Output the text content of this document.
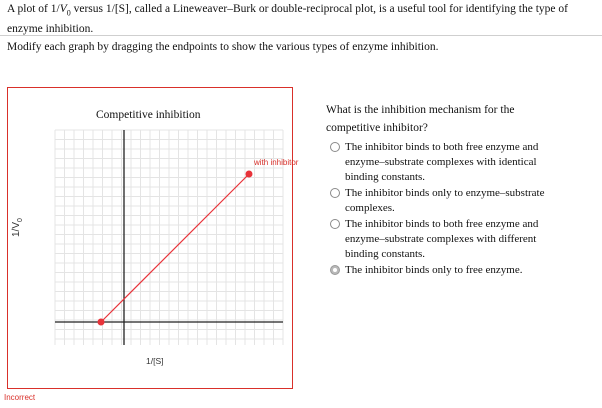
A plot of $1/V_0$ versus 1/[S], called a Lineweaver–Burk or double-reciprocal plot, is a useful tool for identifying the type of enzyme inhibition.
Modify each graph by dragging the endpoints to show the various types of enzyme inhibition.
Competitive inhibition
with inhibitor
$1/V_0$
1/[S]
Incorrect
What is the inhibition mechanism for the competitive inhibitor?
The inhibitor binds to both free enzyme and enzyme–substrate complexes with identical binding constants.
The inhibitor binds only to enzyme–substrate complexes.
The inhibitor binds to both free enzyme and enzyme–substrate complexes with different binding constants.
The inhibitor binds only to free enzyme.
